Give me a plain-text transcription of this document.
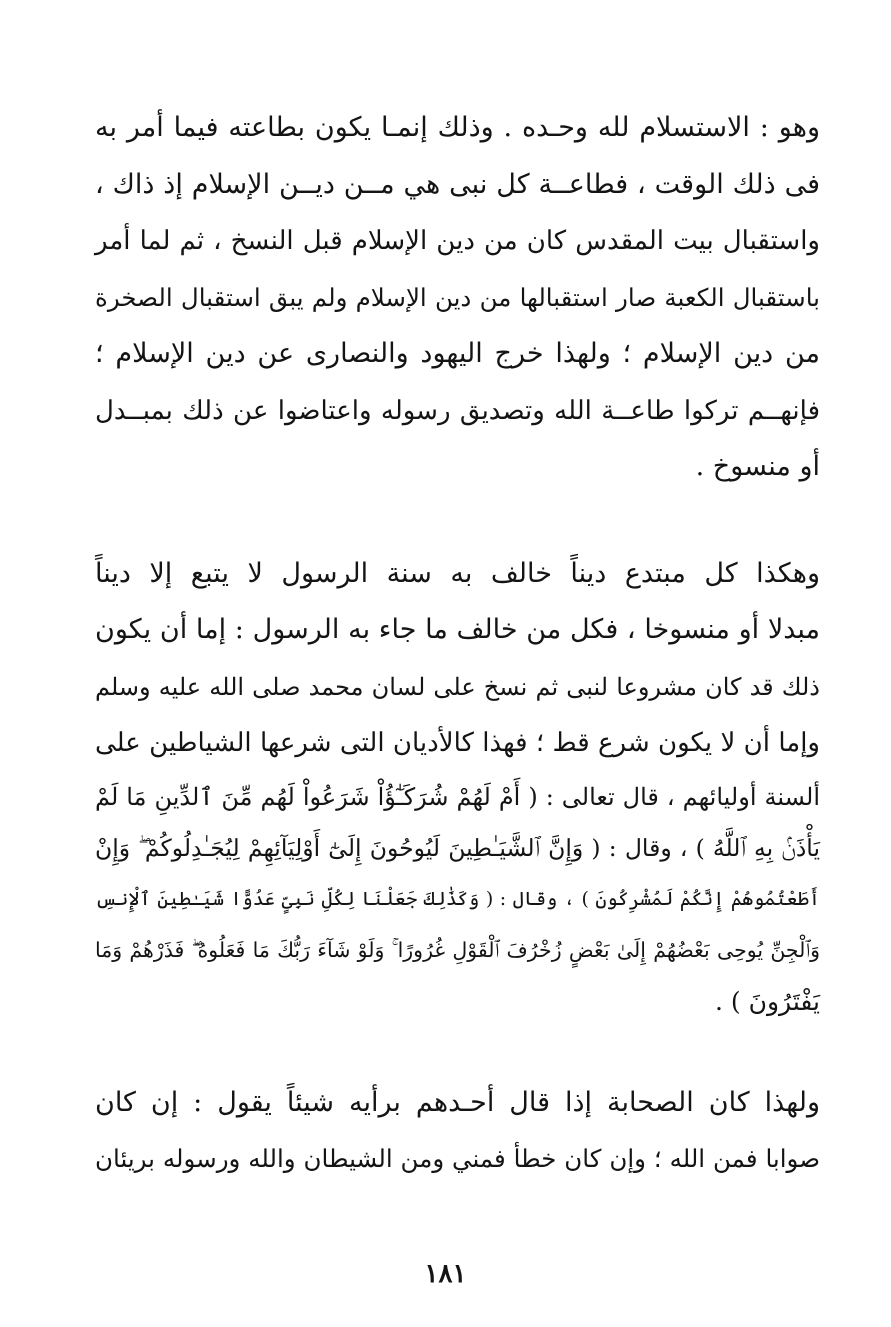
وهو : الاستسلام لله وحـده . وذلك إنمـا يكون بطاعته فيما أمر به
فى ذلك الوقت ، فطاعــة كل نبى هي مــن ديــن الإسلام إذ ذاك ،
واستقبال بيت المقدس كان من دين الإسلام قبل النسخ ، ثم لما أمر
باستقبال الكعبة صار استقبالها من دين الإسلام ولم يبق استقبال الصخرة
من دين الإسلام ؛ ولهذا خرج اليهود والنصارى عن دين الإسلام ؛
فإنهــم تركوا طاعــة الله وتصديق رسوله واعتاضوا عن ذلك بمبــدل
أو منسوخ .
وهكذا كل مبتدع ديناً خالف به سنة الرسول لا يتبع إلا ديناً
مبدلا أو منسوخا ، فكل من خالف ما جاء به الرسول : إما أن يكون
ذلك قد كان مشروعا لنبى ثم نسخ على لسان محمد صلى الله عليه وسلم
وإما أن لا يكون شرع قط ؛ فهذا كالأديان التى شرعها الشياطين على
ألسنة أوليائهم ، قال تعالى : ( أَمْ لَهُمْ شُرَكَـٰٓؤُاْ شَرَعُواْ لَهُم مِّنَ ٱلدِّينِ مَا لَمْ
يَأْذَنۢ بِهِ ٱللَّهُ ) ، وقال : ( وَإِنَّ ٱلشَّيَـٰطِينَ لَيُوحُونَ إِلَىٰٓ أَوْلِيَآئِهِمْ لِيُجَـٰدِلُوكُمْ ۖ وَإِنْ
أَطَعْتُمُوهُمْ إِنَّكُمْ لَمُشْرِكُونَ ) ، وقال : ( وَكَذَٰلِكَ جَعَلْنَا لِكُلِّ نَبِىٍّ عَدُوًّا شَيَـٰطِينَ ٱلْإِنسِ
وَٱلْجِنِّ يُوحِى بَعْضُهُمْ إِلَىٰ بَعْضٍ زُخْرُفَ ٱلْقَوْلِ غُرُورًا ۚ وَلَوْ شَآءَ رَبُّكَ مَا فَعَلُوهُ ۖ فَذَرْهُمْ وَمَا
يَفْتَرُونَ ) .
ولهذا كان الصحابة إذا قال أحـدهم برأيه شيئاً يقول : إن كان
صوابا فمن الله ؛ وإن كان خطأ فمني ومن الشيطان والله ورسوله بريئان
١٨١
